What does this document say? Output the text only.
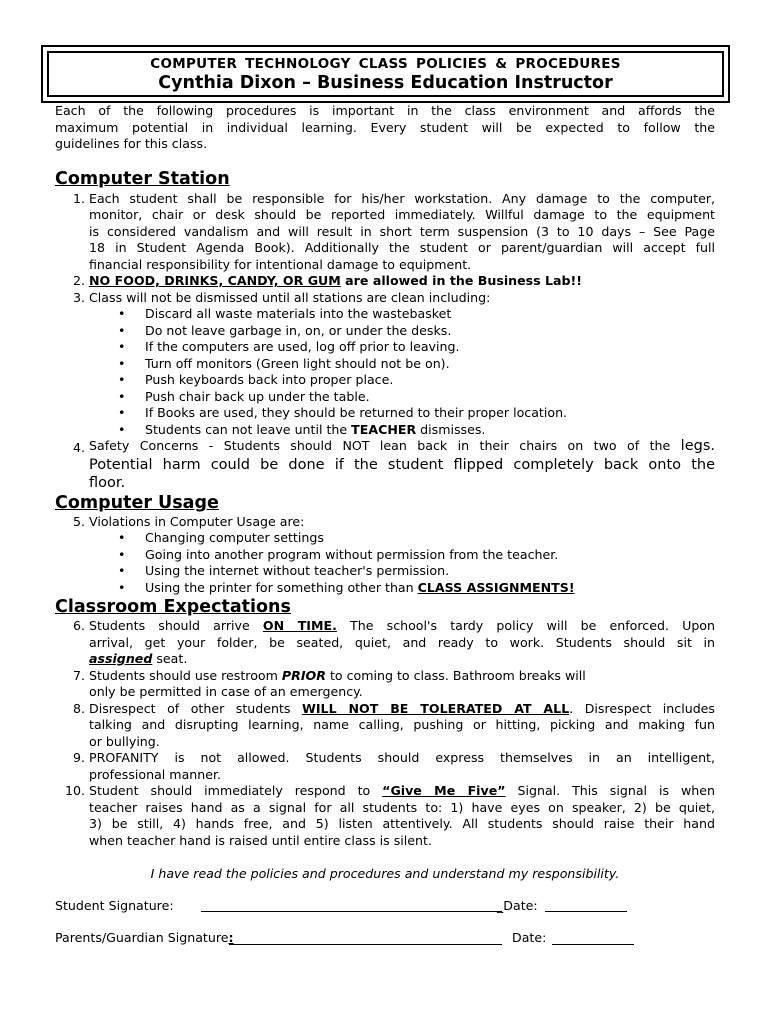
COMPUTER TECHNOLOGY CLASS POLICIES & PROCEDURES
Cynthia Dixon – Business Education Instructor
Each of the following procedures is important in the class environment and affords the
maximum potential in individual learning. Every student will be expected to follow the
guidelines for this class.
Computer Station
1. Each student shall be responsible for his/her workstation. Any damage to the computer,
monitor, chair or desk should be reported immediately. Willful damage to the equipment
is considered vandalism and will result in short term suspension (3 to 10 days – See Page
18 in Student Agenda Book). Additionally the student or parent/guardian will accept full
financial responsibility for intentional damage to equipment.
2. NO FOOD, DRINKS, CANDY, OR GUM are allowed in the Business Lab!!
3. Class will not be dismissed until all stations are clean including:
• Discard all waste materials into the wastebasket
• Do not leave garbage in, on, or under the desks.
• If the computers are used, log off prior to leaving.
• Turn off monitors (Green light should not be on).
• Push keyboards back into proper place.
• Push chair back up under the table.
• If Books are used, they should be returned to their proper location.
• Students can not leave until the TEACHER dismisses.
4. Safety Concerns - Students should NOT lean back in their chairs on two of the legs.
Potential harm could be done if the student flipped completely back onto the
floor.
Computer Usage
5. Violations in Computer Usage are:
• Changing computer settings
• Going into another program without permission from the teacher.
• Using the internet without teacher's permission.
• Using the printer for something other than CLASS ASSIGNMENTS!
Classroom Expectations
6. Students should arrive ON TIME. The school's tardy policy will be enforced. Upon
arrival, get your folder, be seated, quiet, and ready to work. Students should sit in
assigned seat.
7. Students should use restroom PRIOR to coming to class. Bathroom breaks will
only be permitted in case of an emergency.
8. Disrespect of other students WILL NOT BE TOLERATED AT ALL. Disrespect includes
talking and disrupting learning, name calling, pushing or hitting, picking and making fun
or bullying.
9. PROFANITY is not allowed. Students should express themselves in an intelligent,
professional manner.
10. Student should immediately respond to “Give Me Five” Signal. This signal is when
teacher raises hand as a signal for all students to: 1) have eyes on speaker, 2) be quiet,
3) be still, 4) hands free, and 5) listen attentively. All students should raise their hand
when teacher hand is raised until entire class is silent.
I have read the policies and procedures and understand my responsibility.
Student Signature:	_Date:
Parents/Guardian Signature:	Date:
